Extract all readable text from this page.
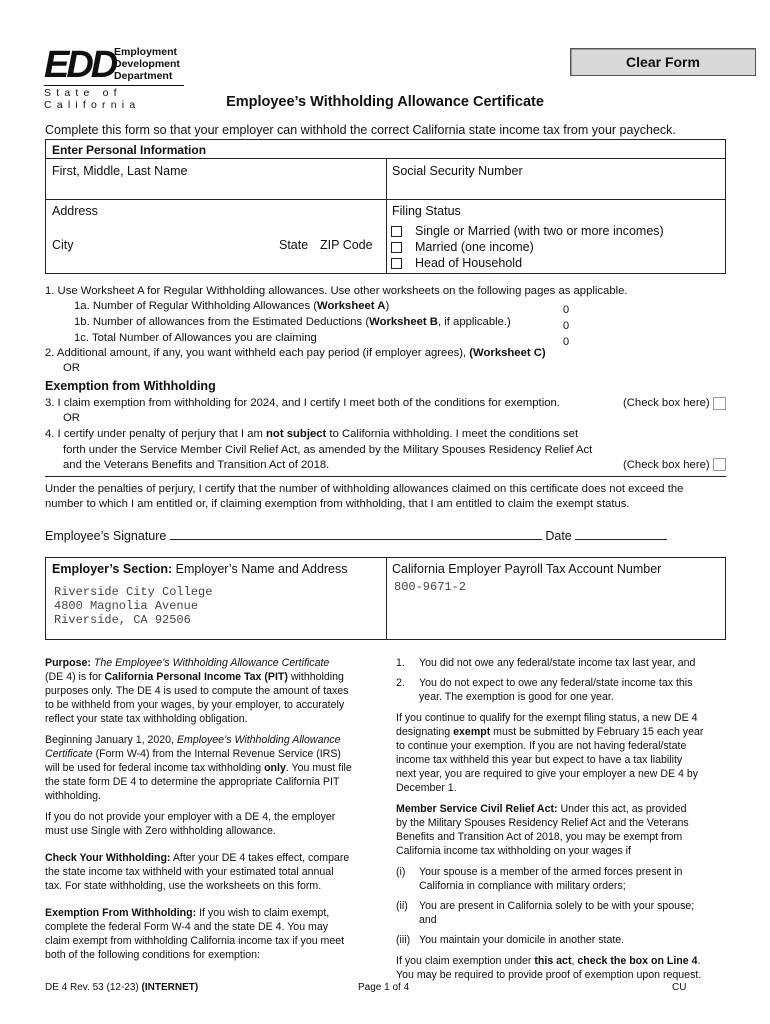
EDD
Employment
Development
Department
State of California
Clear Form
Employee’s Withholding Allowance Certificate
Complete this form so that your employer can withhold the correct California state income tax from your paycheck.
Enter Personal Information
First, Middle, Last Name	Social Security Number
Address	Filing Status
City	State ZIP Code
Single or Married (with two or more incomes)
Married (one income)
Head of Household
1. Use Worksheet A for Regular Withholding allowances. Use other worksheets on the following pages as applicable.
1a. Number of Regular Withholding Allowances (Worksheet A)	0
1b. Number of allowances from the Estimated Deductions (Worksheet B, if applicable.)	0
1c. Total Number of Allowances you are claiming	0
2. Additional amount, if any, you want withheld each pay period (if employer agrees), (Worksheet C)
OR
Exemption from Withholding
3. I claim exemption from withholding for 2024, and I certify I meet both of the conditions for exemption.	(Check box here)
OR
4. I certify under penalty of perjury that I am not subject to California withholding. I meet the conditions set
forth under the Service Member Civil Relief Act, as amended by the Military Spouses Residency Relief Act
and the Veterans Benefits and Transition Act of 2018.	(Check box here)
Under the penalties of perjury, I certify that the number of withholding allowances claimed on this certificate does not exceed the
number to which I am entitled or, if claiming exemption from withholding, that I am entitled to claim the exempt status.
Employee’s Signature	Date
Employer’s Section: Employer’s Name and Address
Riverside City College
4800 Magnolia Avenue
Riverside, CA 92506
California Employer Payroll Tax Account Number
800-9671-2
Purpose: The Employee’s Withholding Allowance Certificate
(DE 4) is for California Personal Income Tax (PIT) withholding
purposes only. The DE 4 is used to compute the amount of taxes
to be withheld from your wages, by your employer, to accurately
reflect your state tax withholding obligation.
Beginning January 1, 2020, Employee’s Withholding Allowance
Certificate (Form W-4) from the Internal Revenue Service (IRS)
will be used for federal income tax withholding only. You must file
the state form DE 4 to determine the appropriate California PIT
withholding.
If you do not provide your employer with a DE 4, the employer
must use Single with Zero withholding allowance.
Check Your Withholding: After your DE 4 takes effect, compare
the state income tax withheld with your estimated total annual
tax. For state withholding, use the worksheets on this form.
Exemption From Withholding: If you wish to claim exempt,
complete the federal Form W-4 and the state DE 4. You may
claim exempt from withholding California income tax if you meet
both of the following conditions for exemption:
1. You did not owe any federal/state income tax last year, and
2. You do not expect to owe any federal/state income tax this
year. The exemption is good for one year.
If you continue to qualify for the exempt filing status, a new DE 4
designating exempt must be submitted by February 15 each year
to continue your exemption. If you are not having federal/state
income tax withheld this year but expect to have a tax liability
next year, you are required to give your employer a new DE 4 by
December 1.
Member Service Civil Relief Act: Under this act, as provided
by the Military Spouses Residency Relief Act and the Veterans
Benefits and Transition Act of 2018, you may be exempt from
California income tax withholding on your wages if
(i) Your spouse is a member of the armed forces present in
California in compliance with military orders;
(ii) You are present in California solely to be with your spouse;
and
(iii) You maintain your domicile in another state.
If you claim exemption under this act, check the box on Line 4.
You may be required to provide proof of exemption upon request.
DE 4 Rev. 53 (12-23) (INTERNET)	Page 1 of 4	CU
